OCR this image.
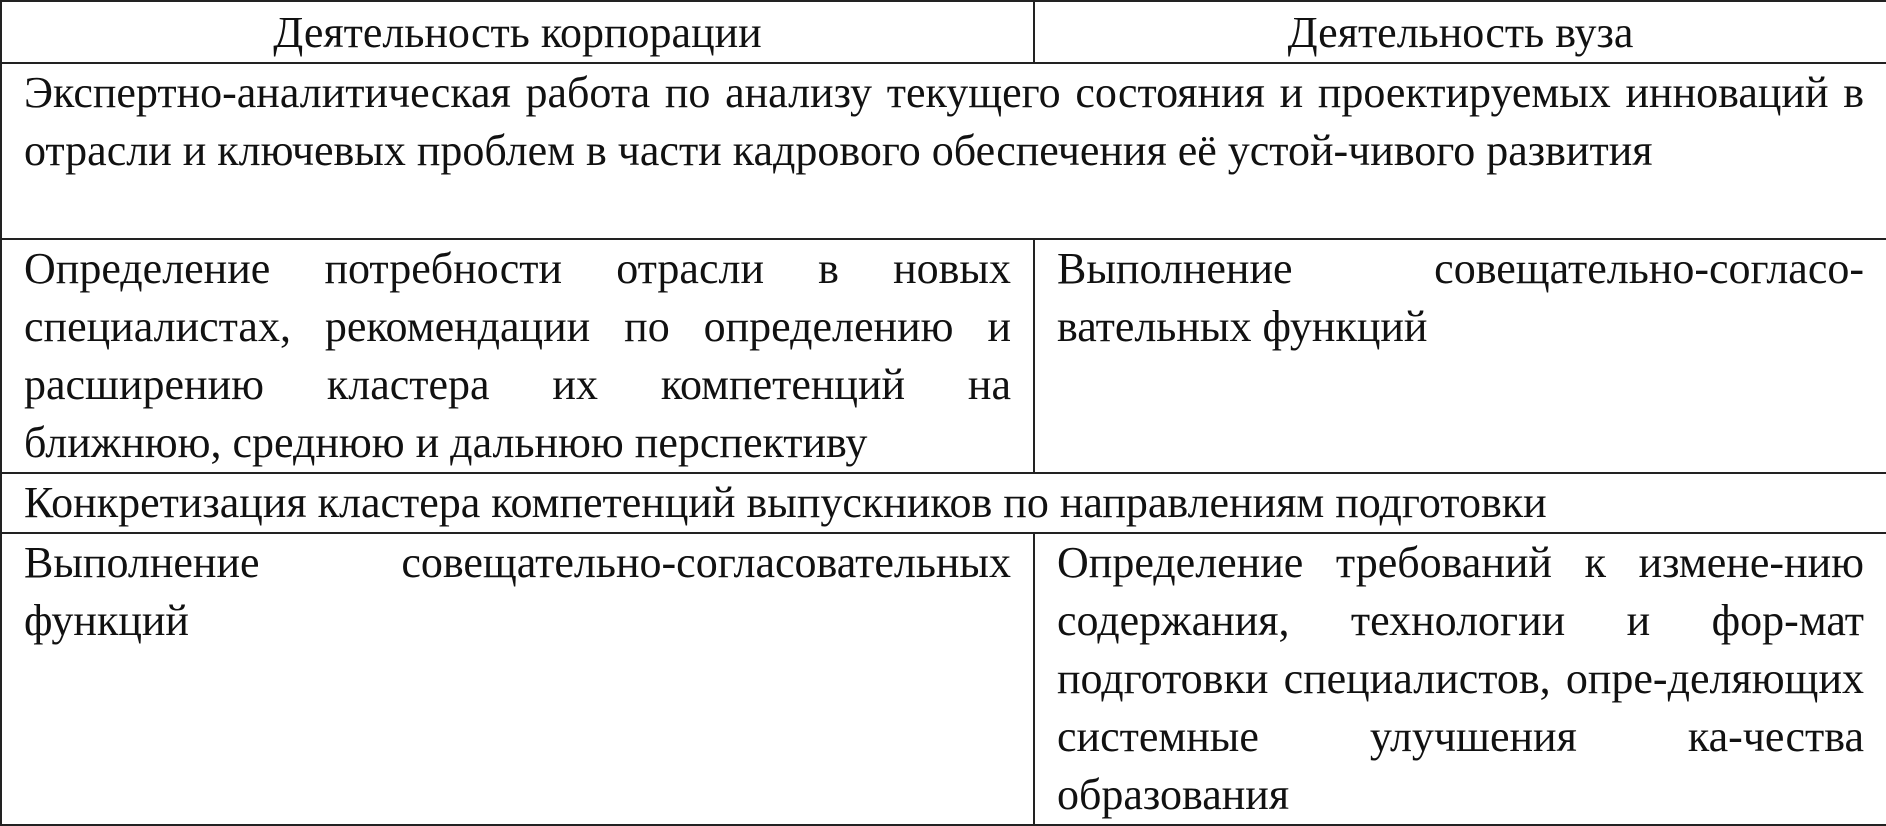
Деятельность корпорации	Деятельность вуза
Экспертно-аналитическая работа по анализу текущего состояния и проектируемых инноваций в отрасли и ключевых проблем в части кадрового обеспечения её устой-чивого развития	
Определение потребности отрасли в новых специалистах, рекомендации по определению и расширению кластера их компетенций на ближнюю, среднюю и дальнюю перспективу	Выполнение совещательно-согласо-вательных функций
Конкретизация кластера компетенций выпускников по направлениям подготовки	
Выполнение совещательно-согласовательных функций	Определение требований к измене-нию содержания, технологии и фор-мат подготовки специалистов, опре-деляющих системные улучшения ка-чества образования
